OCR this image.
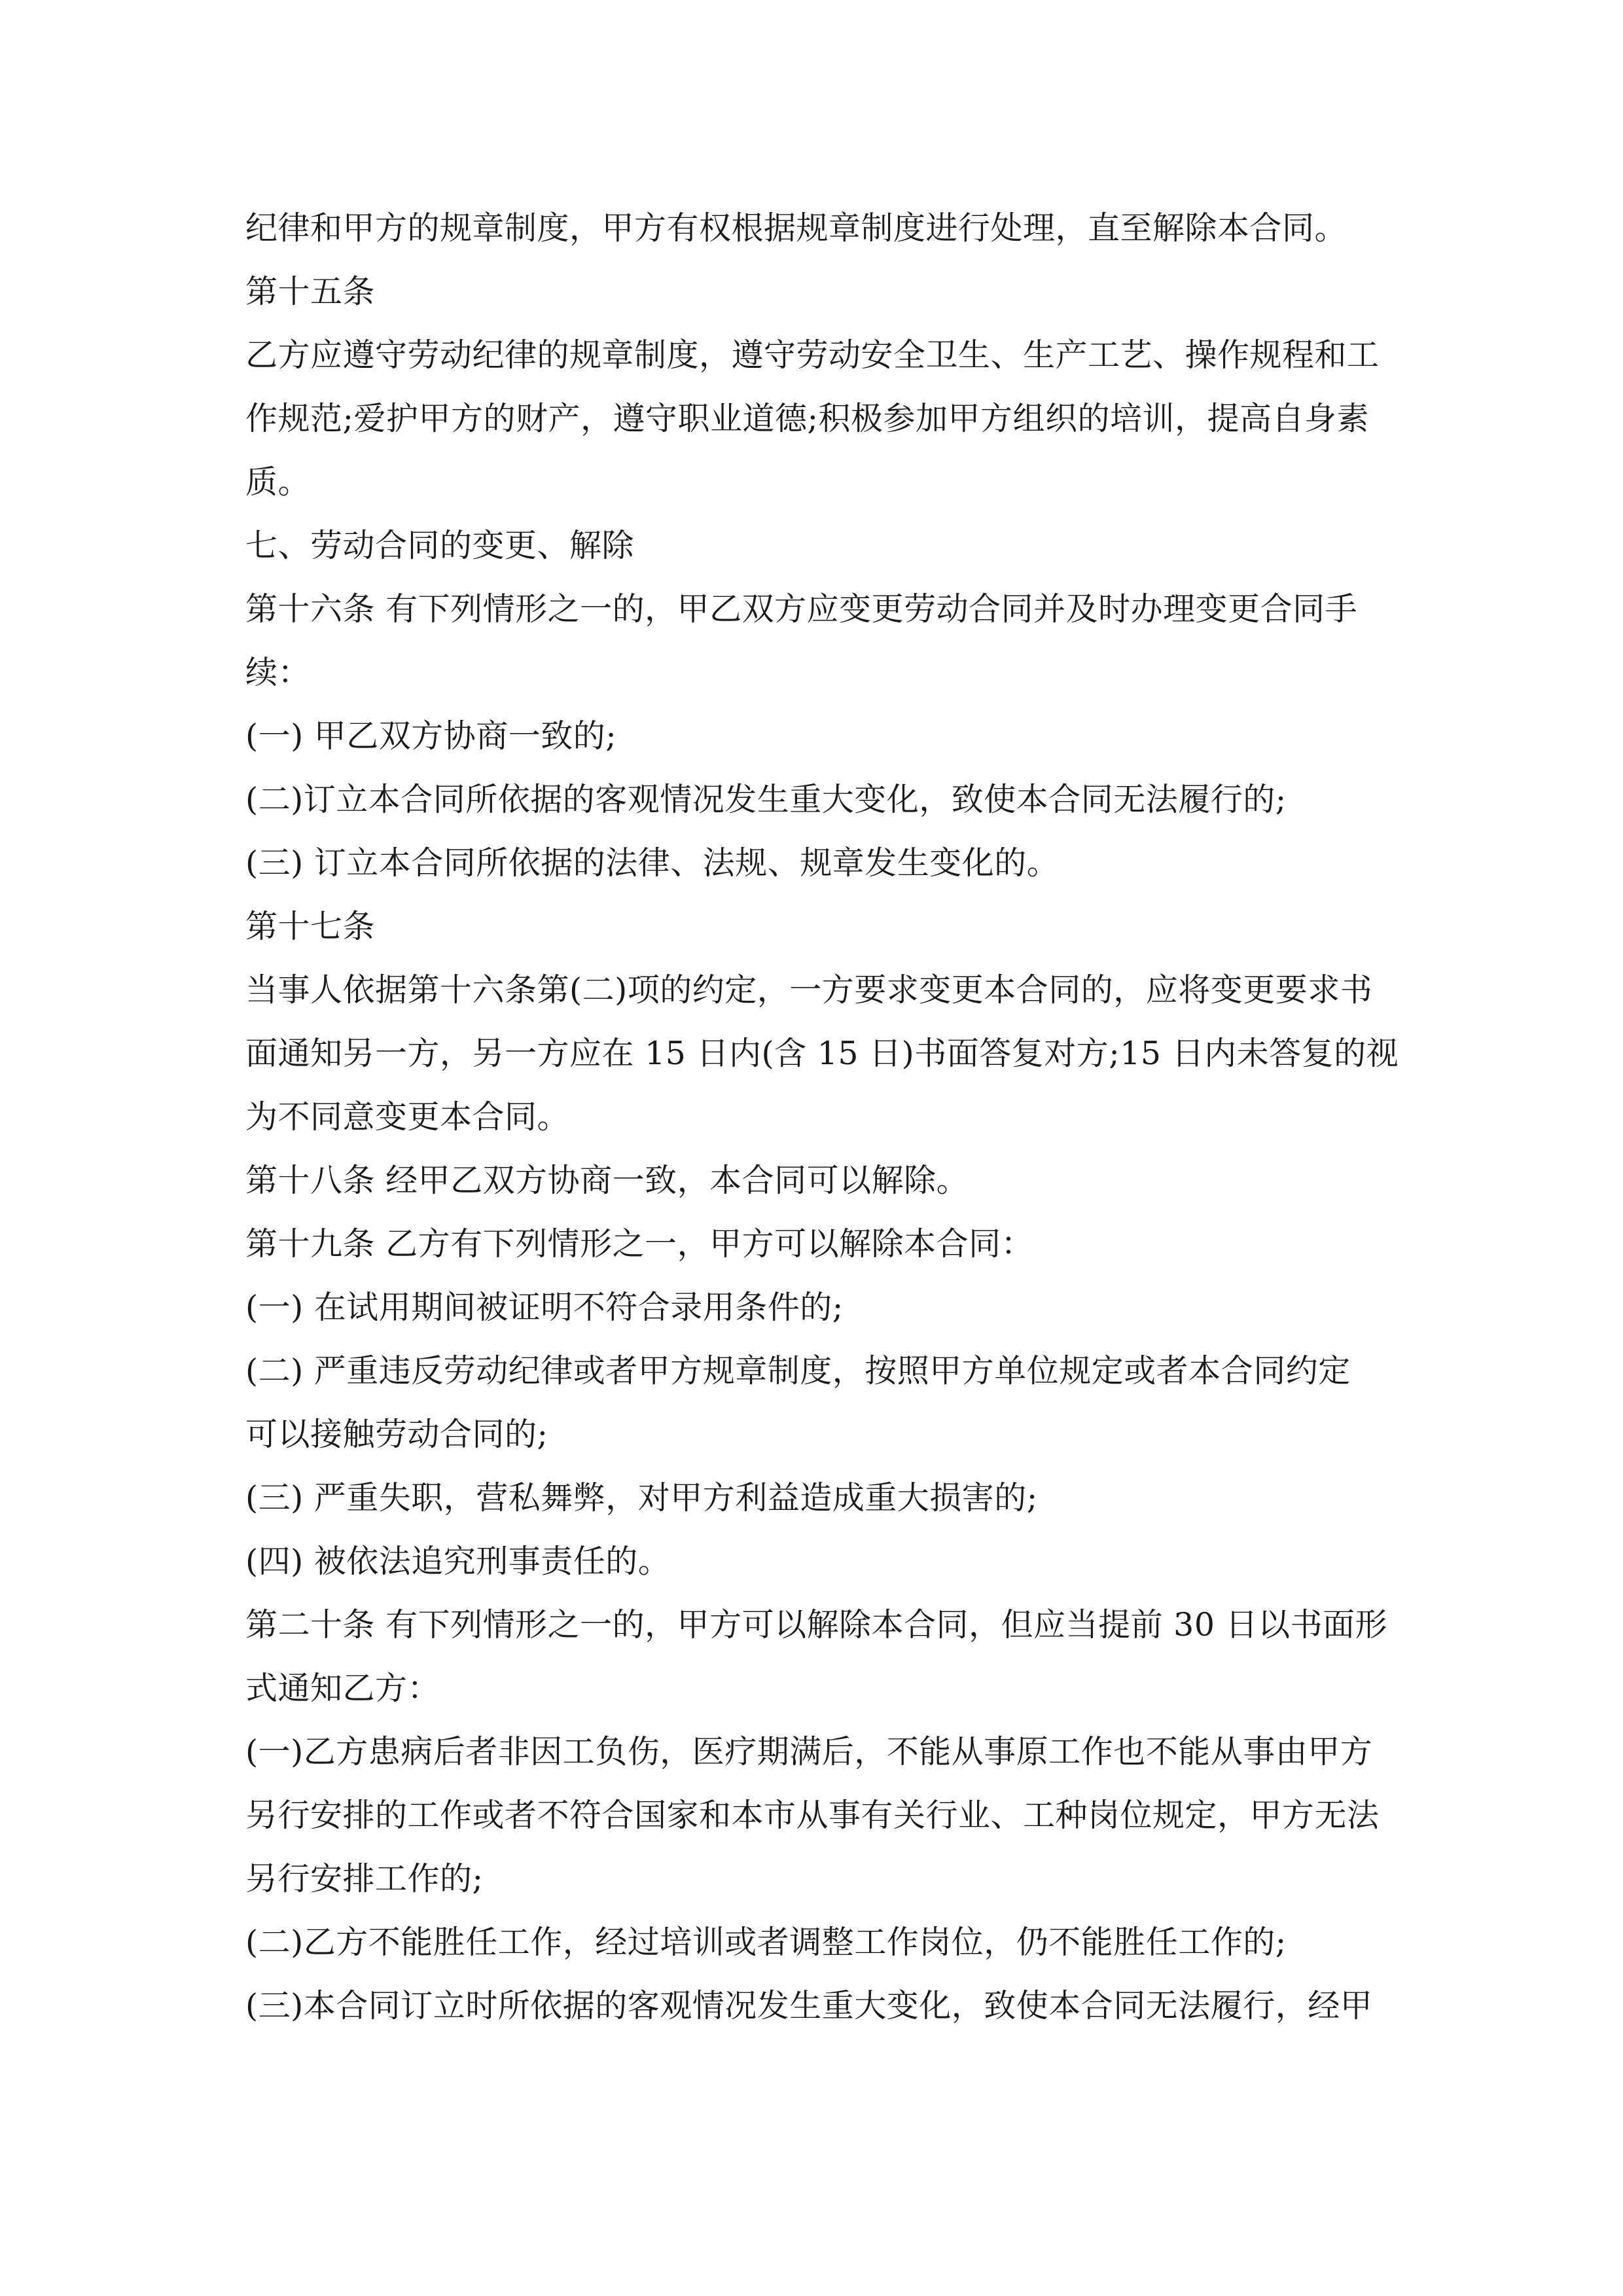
纪律和甲方的规章制度，甲方有权根据规章制度进行处理，直至解除本合同。
第十五条
乙方应遵守劳动纪律的规章制度，遵守劳动安全卫生、生产工艺、操作规程和工
作规范;爱护甲方的财产，遵守职业道德;积极参加甲方组织的培训，提高自身素
质。
七、劳动合同的变更、解除
第十六条 有下列情形之一的，甲乙双方应变更劳动合同并及时办理变更合同手
续：
(一) 甲乙双方协商一致的;
(二)订立本合同所依据的客观情况发生重大变化，致使本合同无法履行的;
(三) 订立本合同所依据的法律、法规、规章发生变化的。
第十七条
当事人依据第十六条第(二)项的约定，一方要求变更本合同的，应将变更要求书
面通知另一方，另一方应在 15 日内(含 15 日)书面答复对方;15 日内未答复的视
为不同意变更本合同。
第十八条 经甲乙双方协商一致，本合同可以解除。
第十九条 乙方有下列情形之一，甲方可以解除本合同：
(一) 在试用期间被证明不符合录用条件的;
(二) 严重违反劳动纪律或者甲方规章制度，按照甲方单位规定或者本合同约定
可以接触劳动合同的;
(三) 严重失职，营私舞弊，对甲方利益造成重大损害的;
(四) 被依法追究刑事责任的。
第二十条 有下列情形之一的，甲方可以解除本合同，但应当提前 30 日以书面形
式通知乙方：
(一)乙方患病后者非因工负伤，医疗期满后，不能从事原工作也不能从事由甲方
另行安排的工作或者不符合国家和本市从事有关行业、工种岗位规定，甲方无法
另行安排工作的;
(二)乙方不能胜任工作，经过培训或者调整工作岗位，仍不能胜任工作的;
(三)本合同订立时所依据的客观情况发生重大变化，致使本合同无法履行，经甲
